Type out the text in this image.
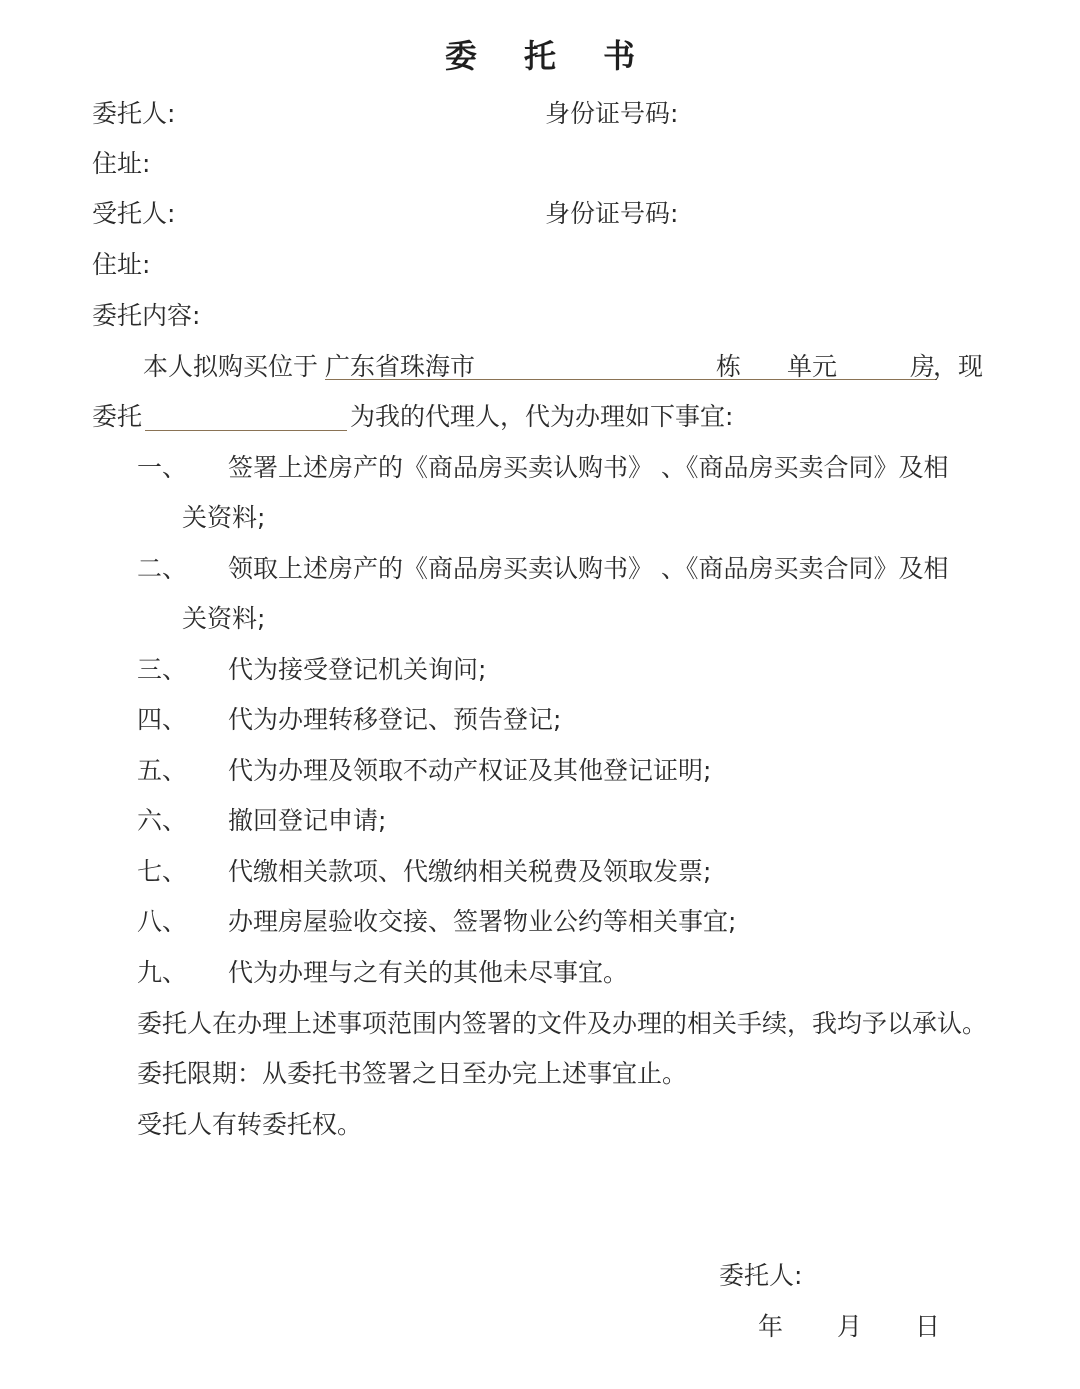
委 托 书
委托人:	身份证号码:
住址:
受托人:	身份证号码:
住址:
委托内容:
本人拟购买位于 广东省珠海市	栋 单元	房
，现
委托	为我的代理人，代为办理如下事宜:
一、 签署上述房产的《商品房买卖认购书》 、《商品房买卖合同》及相
关资料;
二、 领取上述房产的《商品房买卖认购书》 、《商品房买卖合同》及相
关资料;
三、 代为接受登记机关询问;
四、 代为办理转移登记、预告登记;
五、 代为办理及领取不动产权证及其他登记证明;
六、 撤回登记申请;
七、 代缴相关款项、代缴纳相关税费及领取发票;
八、 办理房屋验收交接、签署物业公约等相关事宜;
九、 代为办理与之有关的其他未尽事宜。
委托人在办理上述事项范围内签署的文件及办理的相关手续，我均予以承认。
委托限期：从委托书签署之日至办完上述事宜止。
受托人有转委托权。
委托人:
年 月 日
